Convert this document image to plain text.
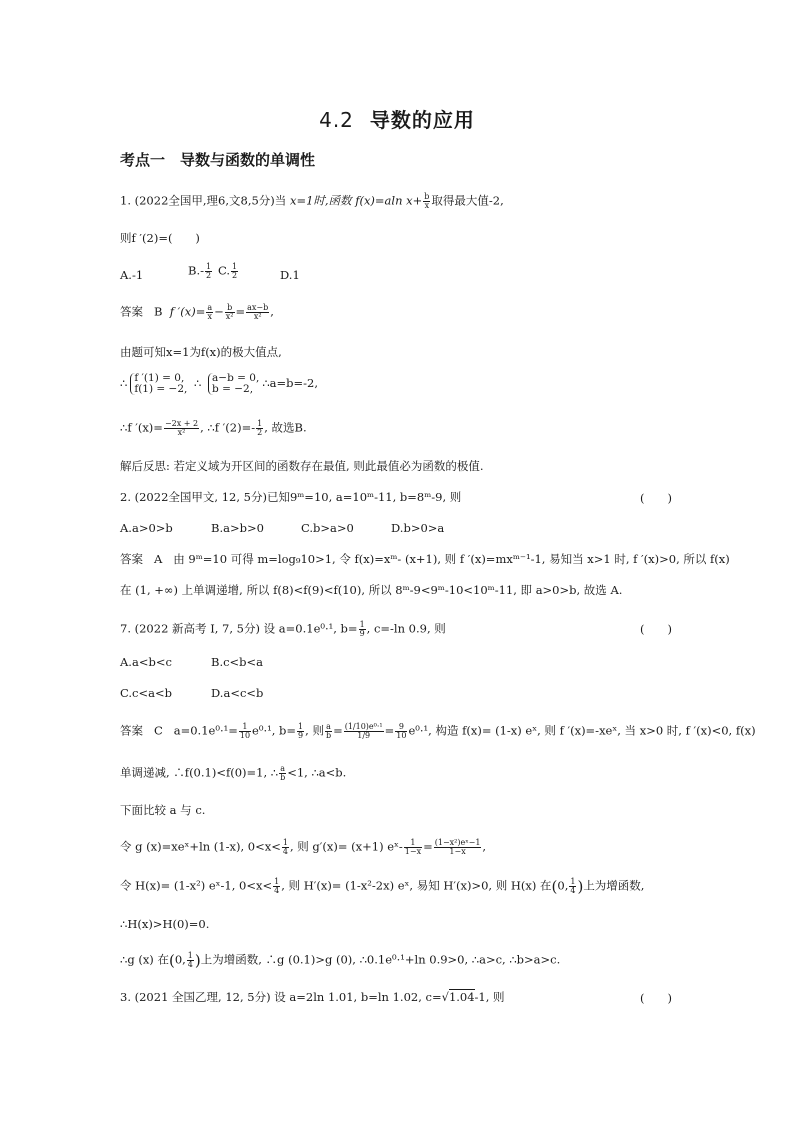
4.2 导数的应用
考点一　导数与函数的单调性
1. (2022全国甲,理6,文8,5分)当 x=1时,函数 f(x)=aln $x+ \frac{b}{x}$ 取得最大值-2,
则f ′(2)=(　　)
A.-1	$B.- \frac{1}{2} C$. $\frac{1}{2}$	D.1
答案 B f $'(x)= \frac{a}{x} - \frac{b}{\text{x²}} = \frac{ax-b}{\text{x²}}$ ,
由题可知x=1为f(x)的极大值点,
∴ f ′(1) = 0,
f(1) = −2, ∴ a−b = 0,
b = −2, ∴a=b=-2,
∴f $'(x)= \frac{-2x + 2}{\text{x²}}$ , ∴f $'(2)=- \frac{1}{2}$ , 故选B.
解后反思: 若定义域为开区间的函数存在最值, 则此最值必为函数的极值.
2. (2022全国甲文, 12, 5分)已知9ᵐ=10, a=10ᵐ-11, b=8ᵐ-9, 则	(　　)
A.a>0>b	B.a>b>0	C.b>a>0	D.b>0>a
答案 A 由 9ᵐ=10 可得 m=log₉10>1, 令 f(x)=xᵐ- (x+1), 则 f ′(x)=mxᵐ⁻¹-1, 易知当 x>1 时, f ′(x)>0, 所以 f(x)
在 (1, +∞) 上单调递增, 所以 f(8)<f(9)<f(10), 所以 8ᵐ-9<9ᵐ-10<10ᵐ-11, 即 a>0>b, 故选 A.
7. (2022 新高考 Ⅰ, 7, 5分) 设 a=0.1e⁰·¹, $b= \frac{1}{9}$ , c=-ln 0.9, 则	(　　)
A.a<b<c	B.c<b<a
C.c<a<b	D.a<c<b
答案 C $a=0.1e^0\cdot^1= \frac{1}{10} e^0\cdot^1$, $b= \frac{1}{9}$ , 则 $\frac{a}{b} = \frac{\text{(1/10)e⁰·¹}}{1/9} = \frac{9}{10} e^0\cdot^1$, 构造 f(x)= (1-x) eˣ, 则 f ′(x)=-xeˣ, 当 x>0 时, f ′(x)<0, f(x)
单调递减, ∴f(0.1)<f(0)=1, ∴ $\frac{a}{b} <1$, ∴a<b.
下面比较 a 与 c.
令 g (x)=xeˣ+ln (1-x), $0<x< \frac{1}{4}$ , 则 g′(x)= (x+1) eˣ- $\frac{1}{1-x} = \frac{\text{(1−x²)eˣ−1}}{1-x}$ ,
令 H(x)= (1-x²) eˣ-1, $0<x< \frac{1}{4}$ , 则 H′(x)= (1-x²-2x) eˣ, 易知 H′(x)>0, 则 H(x) 在(0, $\frac{1}{4}$ )上为增函数,
∴H(x)>H(0)=0.
∴g (x) 在(0, $\frac{1}{4}$ )上为增函数, ∴g (0.1)>g (0), ∴0.1e⁰·¹+ln 0.9>0, ∴a>c, ∴b>a>c.
3. (2021 全国乙理, 12, 5分) 设 a=2ln 1.01, b=ln 1.02, c=√1.04-1, 则	(　　)
